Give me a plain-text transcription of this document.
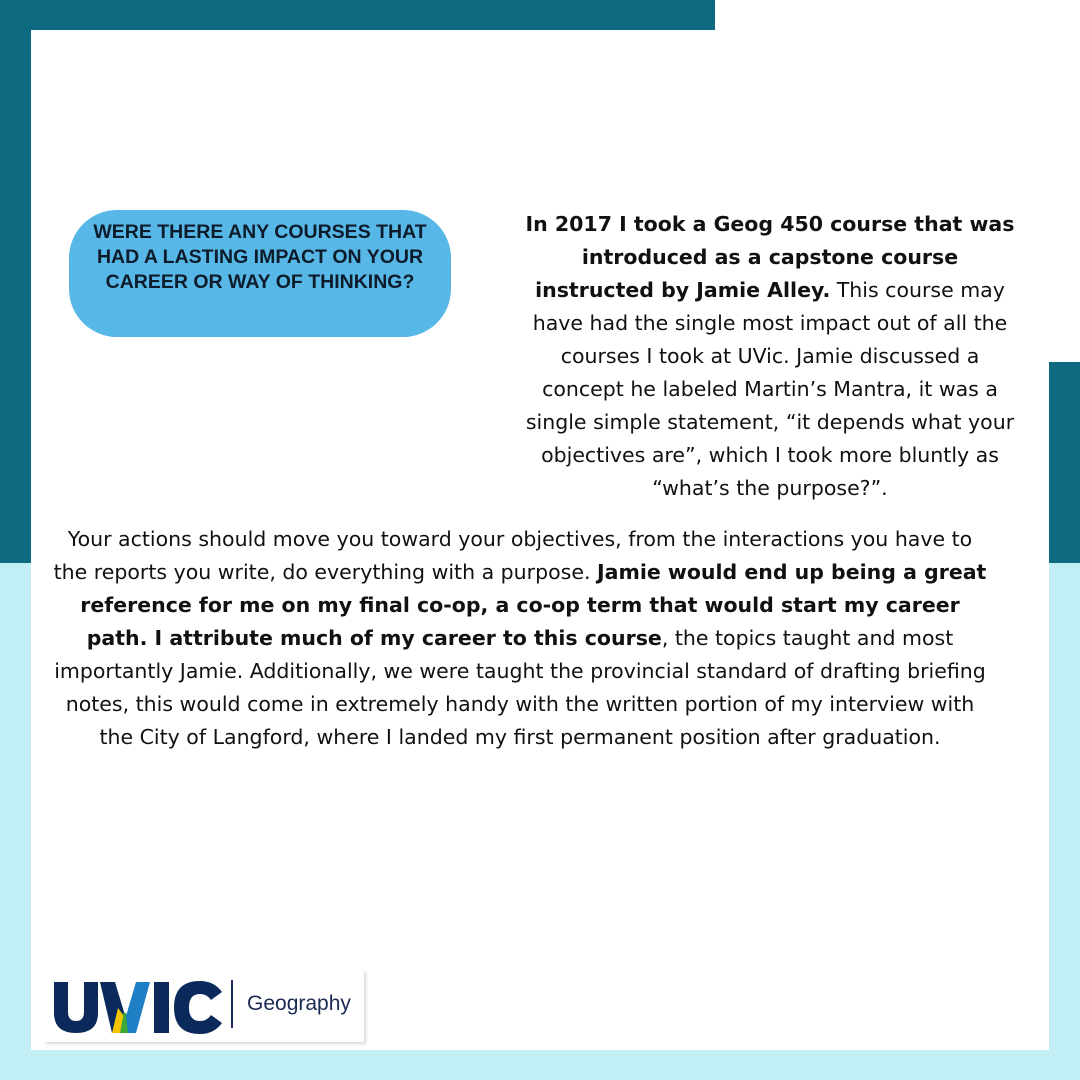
WERE THERE ANY COURSES THAT HAD A LASTING IMPACT ON YOUR CAREER OR WAY OF THINKING?

In 2017 I took a Geog 450 course that was introduced as a capstone course instructed by Jamie Alley. This course may have had the single most impact out of all the courses I took at UVic. Jamie discussed a concept he labeled Martin’s Mantra, it was a single simple statement, “it depends what your objectives are”, which I took more bluntly as “what’s the purpose?”.

Your actions should move you toward your objectives, from the interactions you have to the reports you write, do everything with a purpose. Jamie would end up being a great reference for me on my final co-op, a co-op term that would start my career path. I attribute much of my career to this course, the topics taught and most importantly Jamie. Additionally, we were taught the provincial standard of drafting briefing notes, this would come in extremely handy with the written portion of my interview with the City of Langford, where I landed my first permanent position after graduation.

Geography
